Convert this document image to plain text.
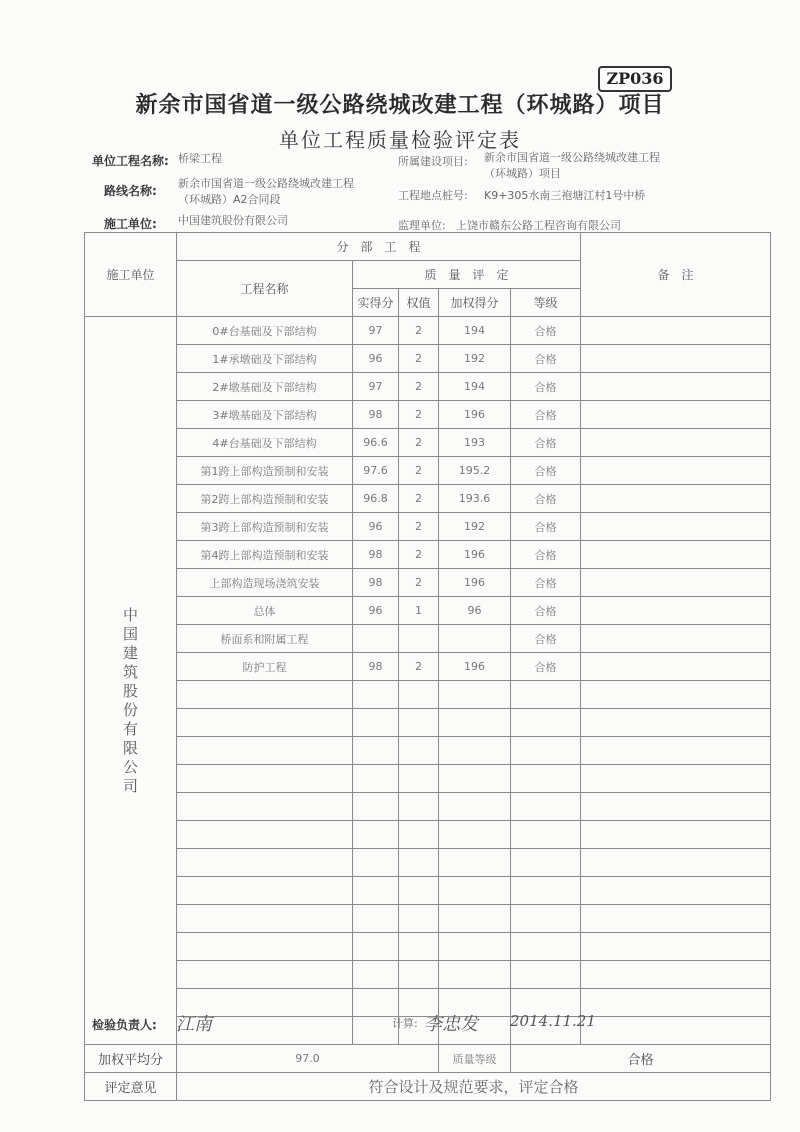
ZP036
新余市国省道一级公路绕城改建工程（环城路）项目
单位工程质量检验评定表
单位工程名称: 桥梁工程
路线名称:
新余市国省道一级公路绕城改建工程
（环城路）A2合同段
施工单位: 中国建筑股份有限公司
所属建设项目: 新余市国省道一级公路绕城改建工程
（环城路）项目
工程地点桩号: K9+305水南三袍塘江村1号中桥
监理单位: 上饶市赣东公路工程咨询有限公司
施工单位	分　部　工　程					备　注
	工程名称	质　量　评　定				
		实得分	权值	加权得分	等级	
中国建筑股份有限公司	0#台基础及下部结构	97	2	194	合格	
	1#承墩础及下部结构	96	2	192	合格	
	2#墩基础及下部结构	97	2	194	合格	
	3#墩基础及下部结构	98	2	196	合格	
	4#台基础及下部结构	96.6	2	193	合格	
	第1跨上部构造预制和安装	97.6	2	195.2	合格	
	第2跨上部构造预制和安装	96.8	2	193.6	合格	
	第3跨上部构造预制和安装	96	2	192	合格	
	第4跨上部构造预制和安装	98	2	196	合格	
	上部构造现场浇筑安装	98	2	196	合格	
	总体	96	1	96	合格	
	桥面系和附属工程				合格	
	防护工程	98	2	196	合格	

加权平均分	97.0			质量等级	合格	
评定意见	符合设计及规范要求，评定合格					
检验负责人: 江南	计算: 李忠发 2014.11.21
